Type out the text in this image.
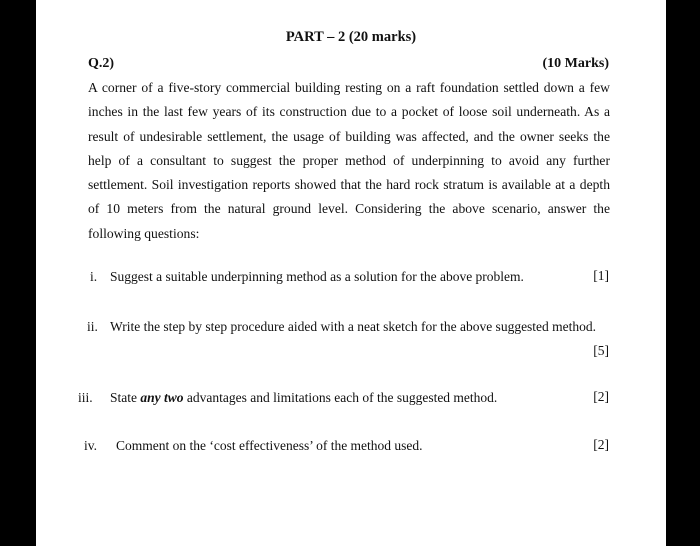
PART – 2 (20 marks)
Q.2)	(10 Marks)
A corner of a five-story commercial building resting on a raft foundation settled down a few inches in the last few years of its construction due to a pocket of loose soil underneath. As a result of undesirable settlement, the usage of building was affected, and the owner seeks the help of a consultant to suggest the proper method of underpinning to avoid any further settlement. Soil investigation reports showed that the hard rock stratum is available at a depth of 10 meters from the natural ground level. Considering the above scenario, answer the following questions:
i. Suggest a suitable underpinning method as a solution for the above problem.	[1]
ii. Write the step by step procedure aided with a neat sketch for the above suggested method.
[5]
iii. State any two advantages and limitations each of the suggested method.	[2]
iv. Comment on the ‘cost effectiveness’ of the method used.	[2]
